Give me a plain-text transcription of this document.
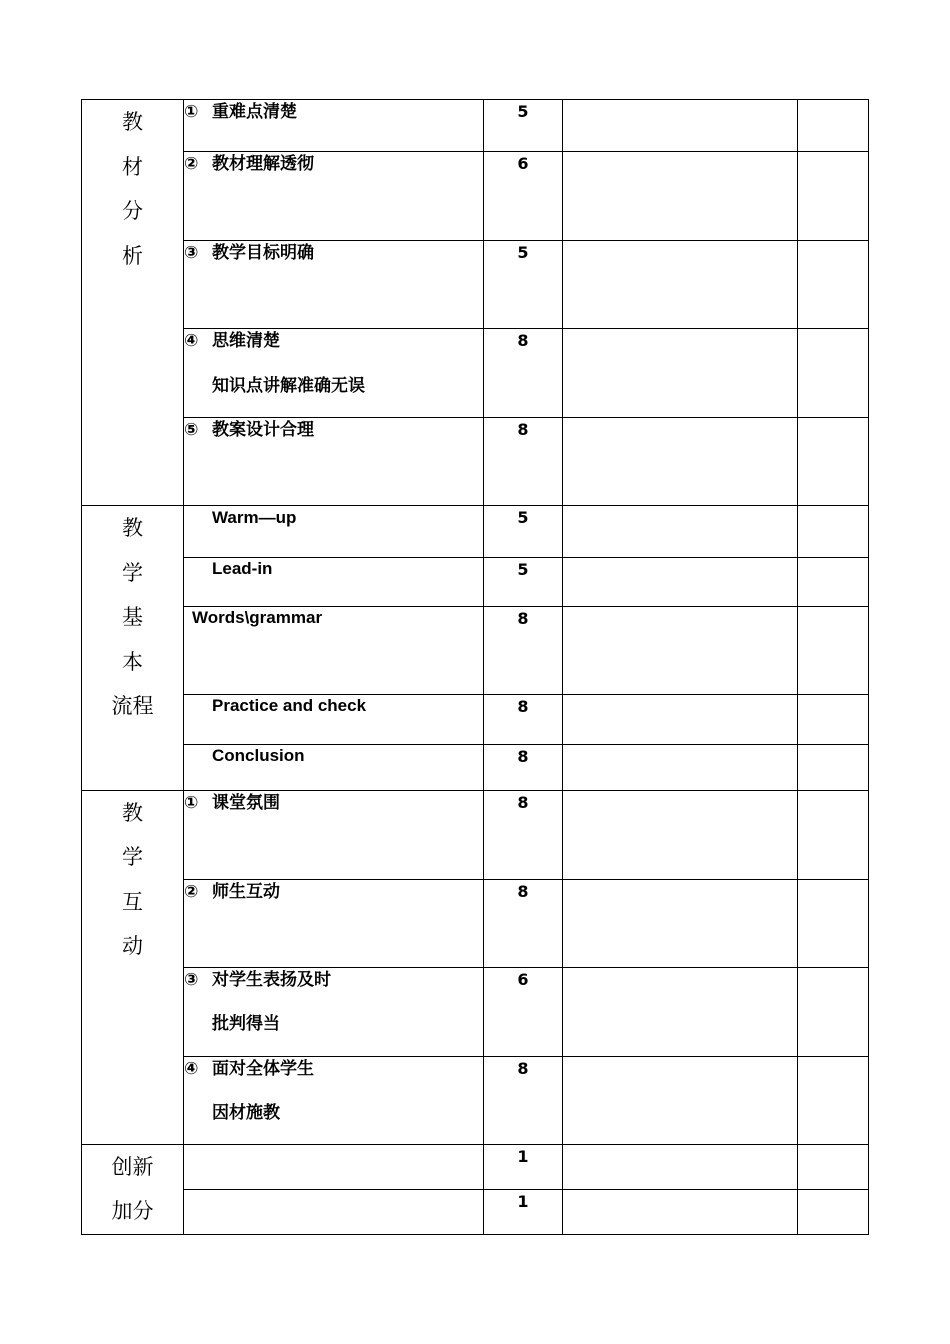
教
材
分
析	① 重难点清楚	5		

	② 教材理解透彻	6		

	③ 教学目标明确	5		

	④ 思维清楚
知识点讲解准确无误	8		

	⑤ 教案设计合理	8		

教
学
基
本
流程	Warm—up	5		

	Lead-in	5		

	Words\grammar	8		

	Practice and check	8		

	Conclusion	8		

教
学
互
动	① 课堂氛围	8		

	② 师生互动	8		

	③ 对学生表扬及时
批判得当	6		

	④ 面对全体学生
因材施教	8		

创新
加分		1		
		1		
